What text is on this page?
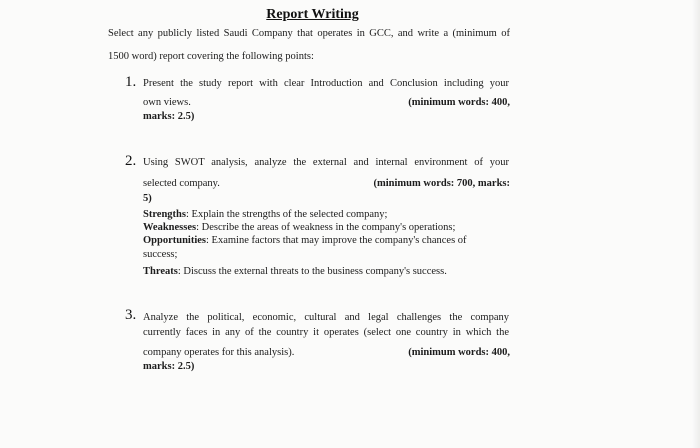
Report Writing
Select any publicly listed Saudi Company that operates in GCC, and write a (minimum of
1500 word) report covering the following points:
1. Present the study report with clear Introduction and Conclusion including your
own views.	(minimum words: 400,
marks: 2.5)
2. Using SWOT analysis, analyze the external and internal environment of your
selected company.	(minimum words: 700, marks:
5)
Strengths: Explain the strengths of the selected company;
Weaknesses: Describe the areas of weakness in the company's operations;
Opportunities: Examine factors that may improve the company's chances of
success;
Threats: Discuss the external threats to the business company's success.
3. Analyze the political, economic, cultural and legal challenges the company
currently faces in any of the country it operates (select one country in which the
company operates for this analysis).	(minimum words: 400,
marks: 2.5)
